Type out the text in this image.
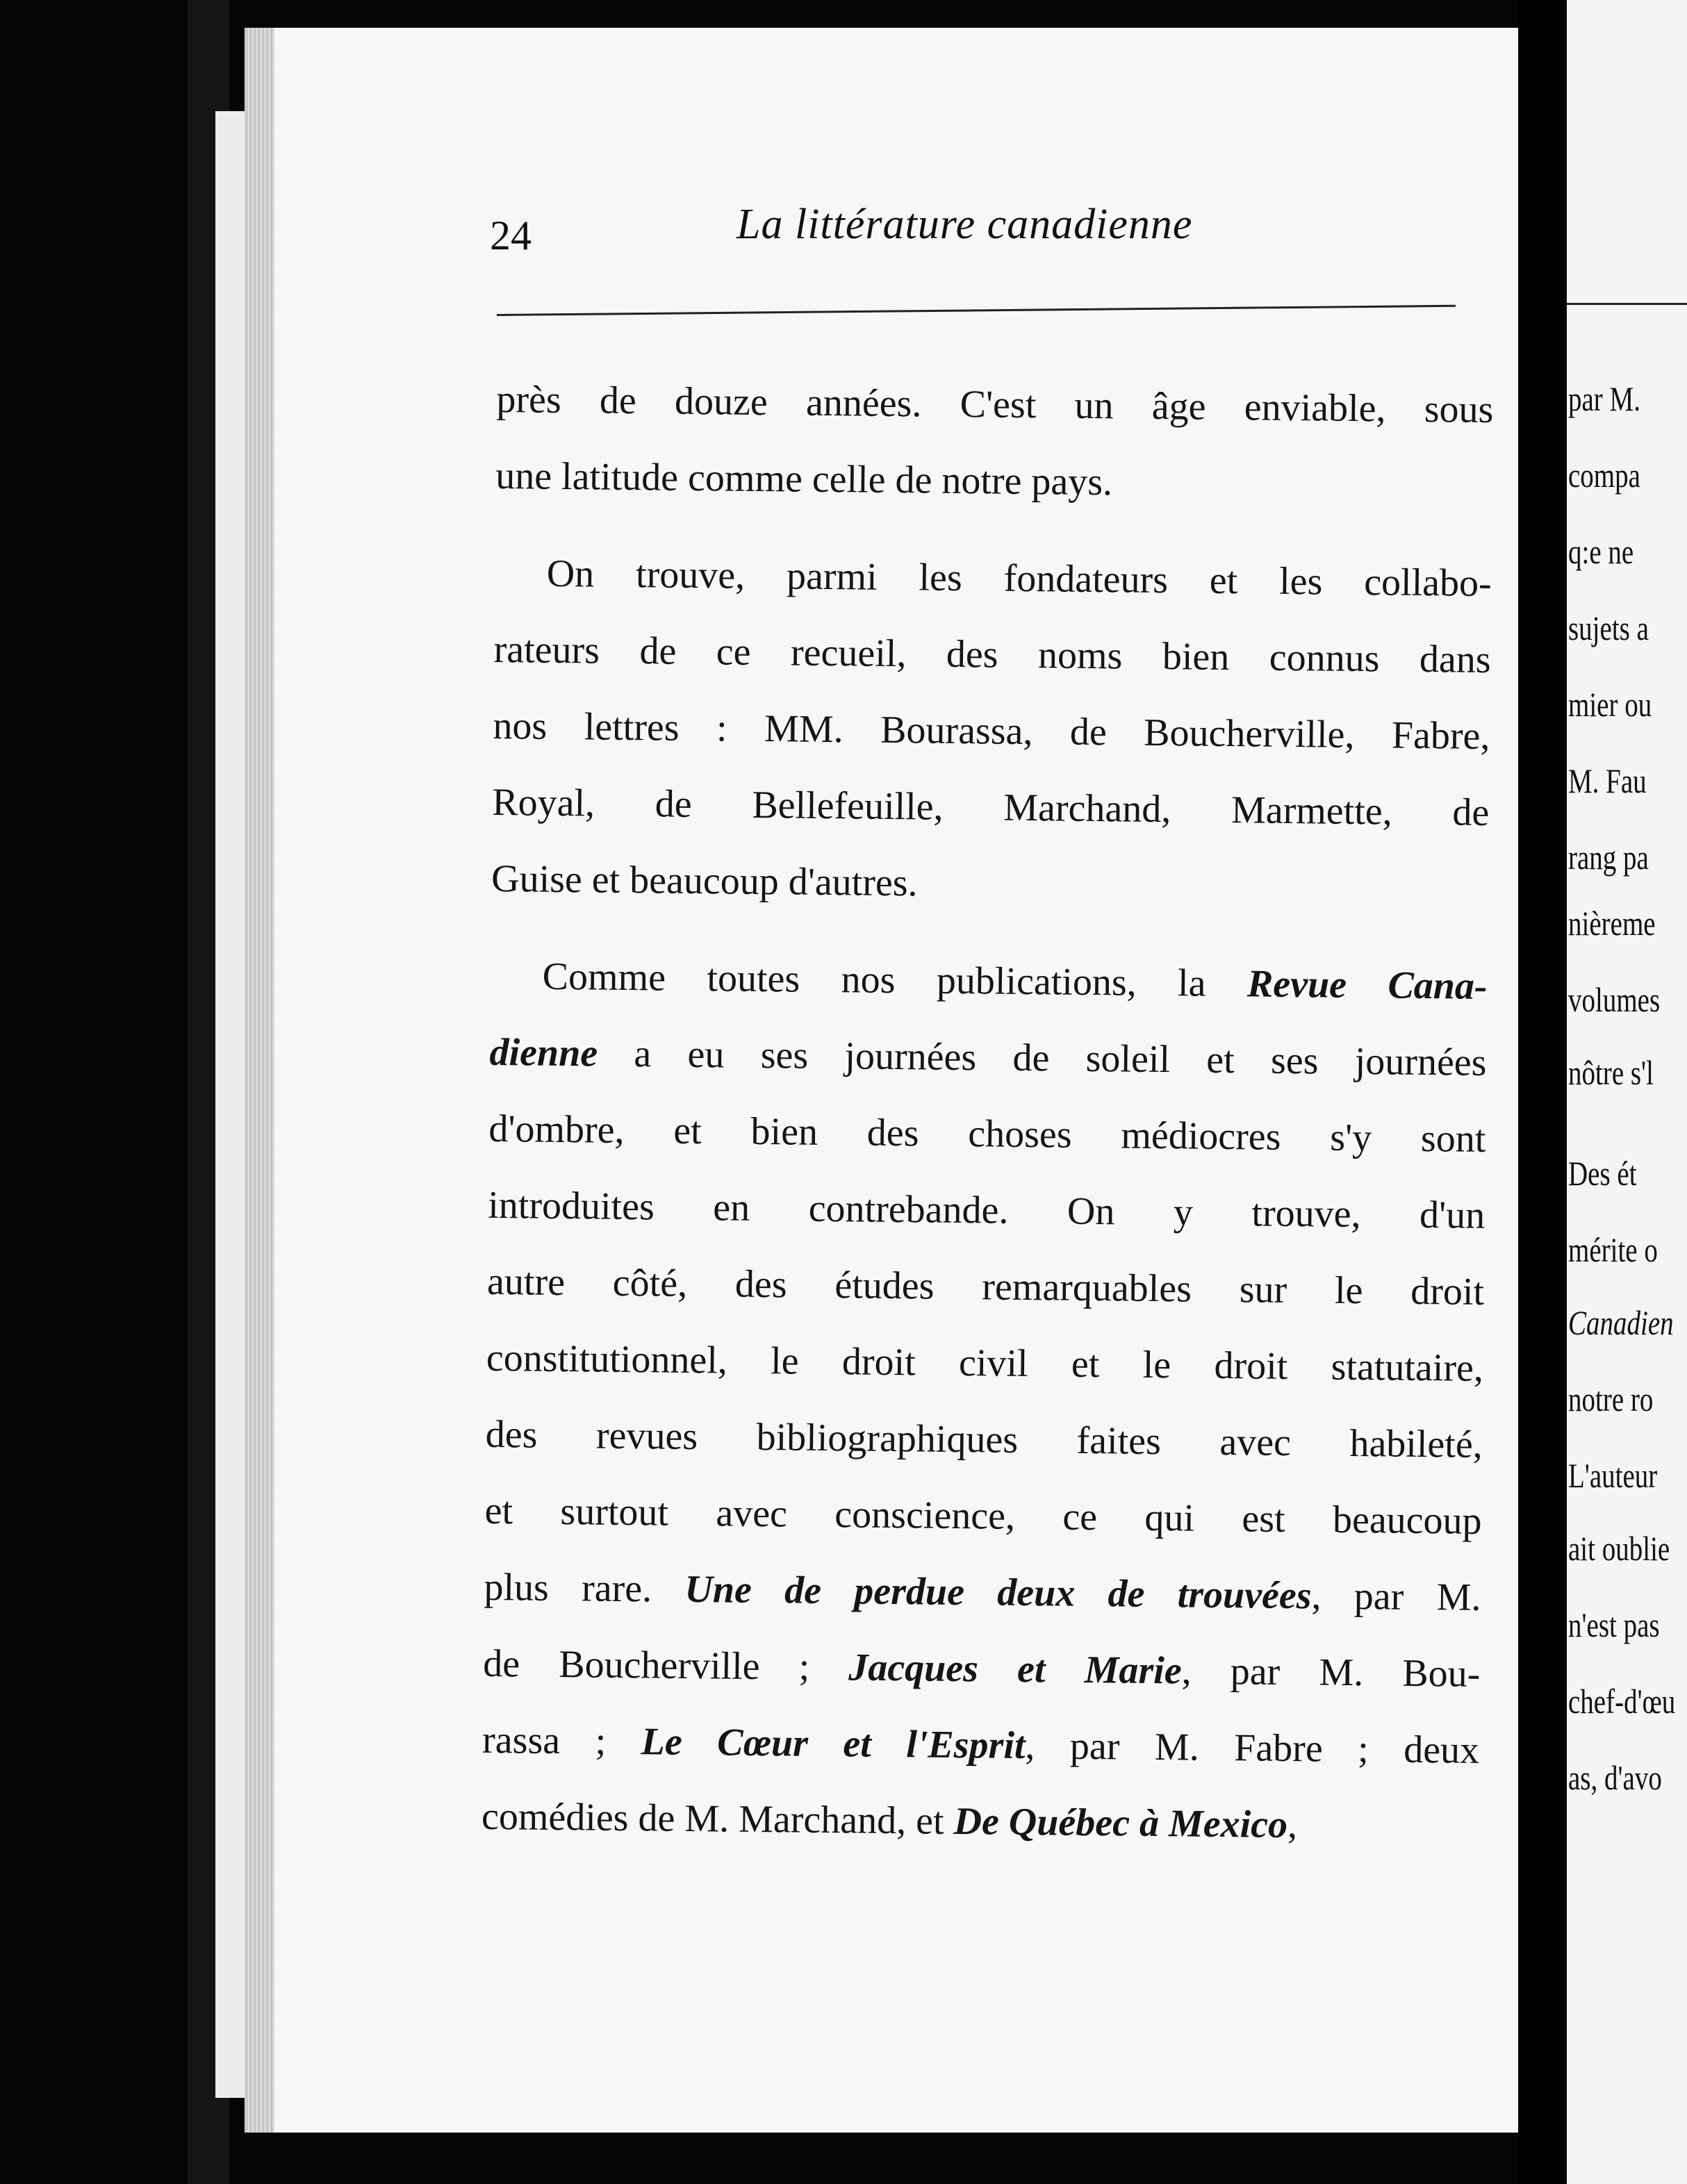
par M.
compa
q:e ne
sujets a
mier ou
M. Fau
rang pa
nièreme
volumes
nôtre s'l
Des ét
mérite o
Canadien
notre ro
L'auteur
ait oublie
n'est pas
chef-d'œu
as, d'avo
24	La littérature canadienne
près de douze années. C'est un âge enviable, sous
une latitude comme celle de notre pays.
On trouve, parmi les fondateurs et les collabo-
rateurs de ce recueil, des noms bien connus dans
nos lettres : MM. Bourassa, de Boucherville, Fabre,
Royal, de Bellefeuille, Marchand, Marmette, de
Guise et beaucoup d'autres.
Comme toutes nos publications, la Revue Cana-
dienne a eu ses journées de soleil et ses journées
d'ombre, et bien des choses médiocres s'y sont
introduites en contrebande. On y trouve, d'un
autre côté, des études remarquables sur le droit
constitutionnel, le droit civil et le droit statutaire,
des revues bibliographiques faites avec habileté,
et surtout avec conscience, ce qui est beaucoup
plus rare. Une de perdue deux de trouvées, par M.
de Boucherville ; Jacques et Marie, par M. Bou-
rassa ; Le Cœur et l'Esprit, par M. Fabre ; deux
comédies de M. Marchand, et De Québec à Mexico,
